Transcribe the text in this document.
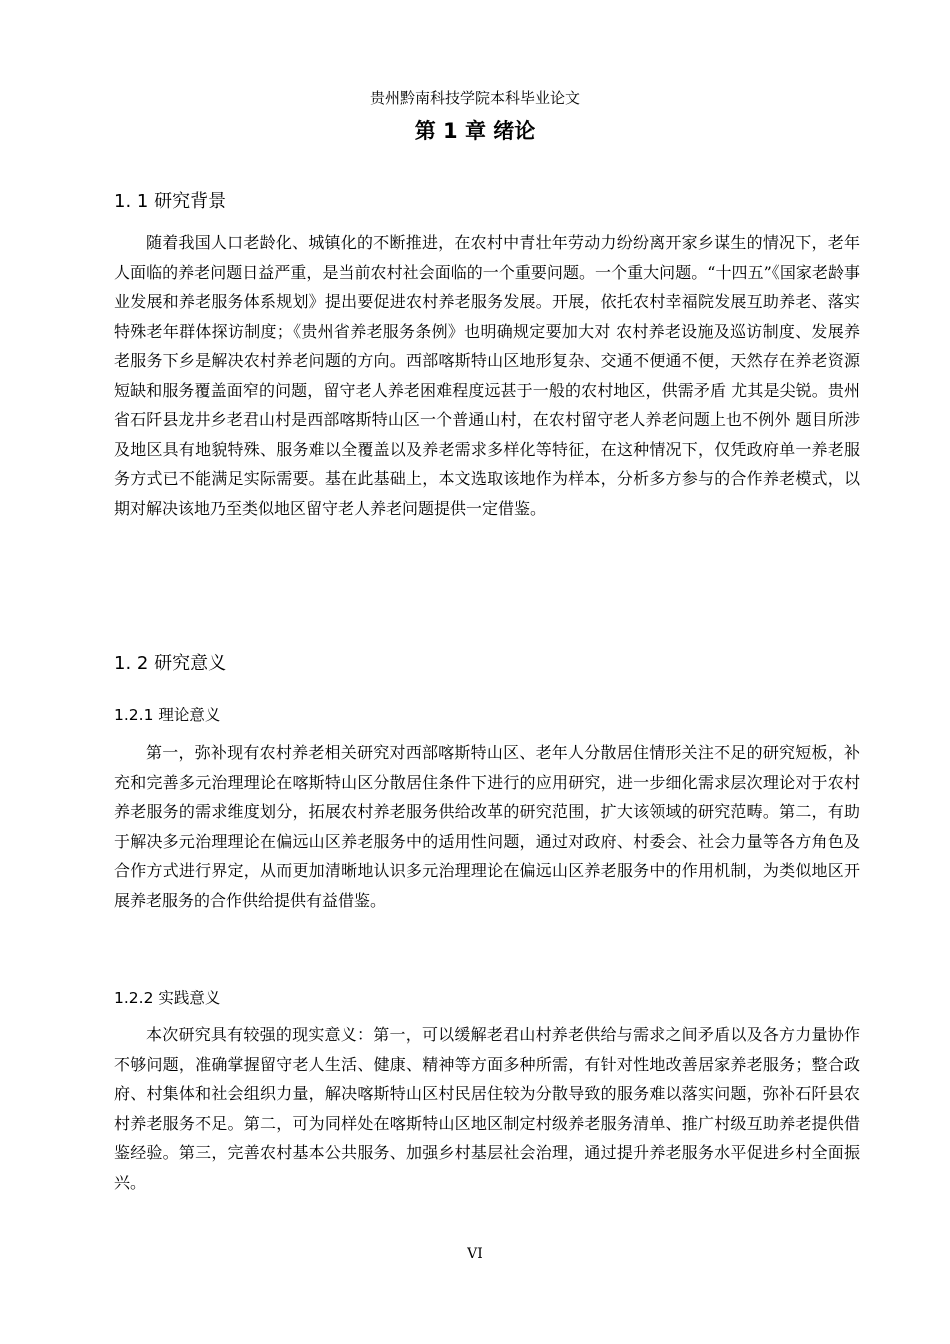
贵州黔南科技学院本科毕业论文
第 1 章 绪论
1. 1 研究背景
随着我国人口老龄化、城镇化的不断推进，在农村中青壮年劳动力纷纷离开家乡谋生的情况下，老年人面临的养老问题日益严重，是当前农村社会面临的一个重要问题。一个重大问题。“十四五”《国家老龄事业发展和养老服务体系规划》提出要促进农村养老服务发展。开展，依托农村幸福院发展互助养老、落实特殊老年群体探访制度；《贵州省养老服务条例》也明确规定要加大对 农村养老设施及巡访制度、发展养老服务下乡是解决农村养老问题的方向。西部喀斯特山区地形复杂、交通不便通不便，天然存在养老资源短缺和服务覆盖面窄的问题，留守老人养老困难程度远甚于一般的农村地区，供需矛盾 尤其是尖锐。贵州省石阡县龙井乡老君山村是西部喀斯特山区一个普通山村，在农村留守老人养老问题上也不例外 题目所涉及地区具有地貌特殊、服务难以全覆盖以及养老需求多样化等特征，在这种情况下，仅凭政府单一养老服务方式已不能满足实际需要。基在此基础上，本文选取该地作为样本，分析多方参与的合作养老模式，以期对解决该地乃至类似地区留守老人养老问题提供一定借鉴。
1. 2 研究意义
1.2.1 理论意义
第一，弥补现有农村养老相关研究对西部喀斯特山区、老年人分散居住情形关注不足的研究短板，补充和完善多元治理理论在喀斯特山区分散居住条件下进行的应用研究，进一步细化需求层次理论对于农村养老服务的需求维度划分，拓展农村养老服务供给改革的研究范围，扩大该领域的研究范畴。第二，有助于解决多元治理理论在偏远山区养老服务中的适用性问题，通过对政府、村委会、社会力量等各方角色及合作方式进行界定，从而更加清晰地认识多元治理理论在偏远山区养老服务中的作用机制，为类似地区开展养老服务的合作供给提供有益借鉴。
1.2.2 实践意义
本次研究具有较强的现实意义：第一，可以缓解老君山村养老供给与需求之间矛盾以及各方力量协作不够问题，准确掌握留守老人生活、健康、精神等方面多种所需，有针对性地改善居家养老服务；整合政府、村集体和社会组织力量，解决喀斯特山区村民居住较为分散导致的服务难以落实问题，弥补石阡县农村养老服务不足。第二，可为同样处在喀斯特山区地区制定村级养老服务清单、推广村级互助养老提供借鉴经验。第三，完善农村基本公共服务、加强乡村基层社会治理，通过提升养老服务水平促进乡村全面振兴。
VI
